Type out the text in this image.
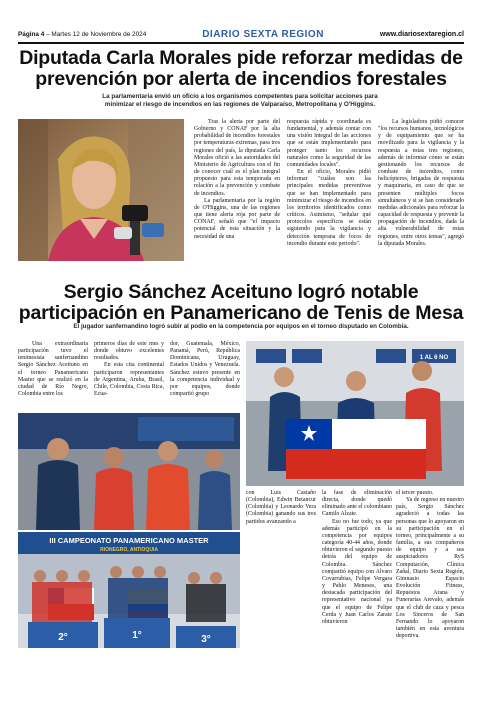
Página 4 – Martes 12 de Noviembre de 2024	DIARIO SEXTA REGION	www.diariosextaregion.cl
Diputada Carla Morales pide reforzar medidas de prevención por alerta de incendios forestales
La parlamentaria envió un oficio a los organismos competentes para solicitar acciones para minimizar el riesgo de incendios en las regiones de Valparaíso, Metropolitana y O'Higgins.

Tras la alerta por parte del Gobierno y CONAF por la alta probabilidad de incendios forestales por temperaturas extremas, para tres regiones del país, la diputada Carla Morales ofició a las autoridades del Ministerio de Agricultura con el fin de conocer cuál es el plan integral propuesto para esta temporada en relación a la prevención y combate de incendios.

La parlamentaria por la región de O'Higgins, una de las regiones que tiene alerta roja por parte de CONAF, señaló que "el impacto potencial de esta situación y la necesidad de una

respuesta rápida y coordinada es fundamental, y además contar con una visión integral de las acciones que se están implementando para proteger tanto los recursos naturales como la seguridad de las comunidades locales".

En el oficio, Morales pidió informar "cuáles son las principales medidas preventivas que se han implementado para minimizar el riesgo de incendios en los territorios identificados como críticos. Asimismo, "señalar qué protocolos específicos se están siguiendo para la vigilancia y detección temprana de focos de incendio durante este periodo".

La legisladora pidió conocer "los recursos humanos, tecnológicos y de equipamiento que se ha movilizado para la vigilancia y la respuesta a estas tres regiones, además de informar cómo se están gestionando los recursos de combate de incendios, como helicópteros, brigadas de respuesta y maquinaria, en caso de que se presenten múltiples focos simultáneos y si se han considerado medidas adicionales para reforzar la capacidad de respuesta y prevenir la propagación de incendios, dada la alta vulnerabilidad de estas regiones, entre otros temas", agregó la diputada Morales.

Sergio Sánchez Aceituno logró notable participación en Panamericano de Tenis de Mesa
El jugador sanfernandino logró subir al podio en la competencia por equipos en el torneo disputado en Colombia.

Una extraordinaria participación tuvo el tenimesista sanfernandino Sergio Sánchez Aceituno en el torneo Panamericano Master que se realizó en la ciudad de Río Negro, Colombia entre los

primeros días de este mes y donde obtuvo excelentes resultados.

En esta cita continental participaron representantes de Argentina, Aruba, Brasil, Chile, Colombia, Costa Rica, Ecua-

dor, Guatemala, México, Panamá, Perú, República Dominicana, Uruguay, Estados Unidos y Venezuela. Sánchez estuvo presente en la competencia individual y por equipos, donde compartió grupo

1 AL 6 NO
III CAMPEONATO PANAMERICANO MASTER
RIONEGRO, ANTIOQUIA
2°	1°	3°

con Luis Castaño (Colombia), Edwin Betancur (Colombia) y Leonardo Vera (Colombia) ganando sus tres partidos avanzando a

la fase de eliminación directa, donde quedó eliminado ante el colombiano Camilo Alzate.

Eso no fue todo, ya que además participó en la competencia por equipos categoría 40-44 años, donde obtuvieron el segundo puesto detrás del equipo de Colombia. Sánchez compartió equipo con Alvaro Covarrubias, Felipe Vergara y Pablo Meneses, una destacada participación del representativo nacional ya que el equipo de Felipe Cerda y Juan Carlos Zarate obtuvieron

el tercer puesto.

Ya de regreso en nuestro país, Sergio Sánchez agradeció a todas las personas que lo apoyaron en su participación en el torneo, principalmente a su familia, a sus compañeros de equipo y a sus auspiciadores RyS Computación, Clínica Zañal, Diario Sexta Región, Gimnasio Espacio Evolución Fitness, Repuestos Arana y Funerarias Arevalo, además que el club de caza y pesca Los Sinceros de San Fernando lo apoyaron también en esta aventura deportiva.
